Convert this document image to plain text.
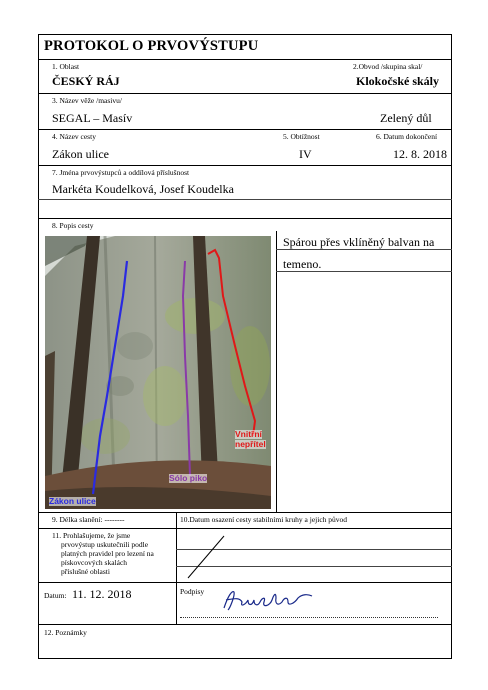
PROTOKOL O PRVOVÝSTUPU
1. Oblast	2.Obvod /skupina skal/
ČESKÝ RÁJ	Klokočské skály
3. Název věže /masivu/
SEGAL – Masív	Zelený důl
4. Název cesty	5. Obtížnost	6. Datum dokončení
Zákon ulice	IV	12. 8. 2018
7. Jména prvovýstupců a oddílová příslušnost
Markéta Koudelková, Josef Koudelka
8. Popis cesty
Spárou přes vklíněný balvan na
temeno.
Zákon ulice
Sólo piko
Vnitřní
nepřítel
9. Délka slanění: --------	10.Datum osazení cesty stabilními kruhy a jejich původ
11. Prohlašujeme, že jsme
prvovýstup uskutečnili podle
platných pravidel pro lezení na
pískovcových skalách
příslušné oblasti
Datum: 11. 12. 2018	Podpisy
12. Poznámky
